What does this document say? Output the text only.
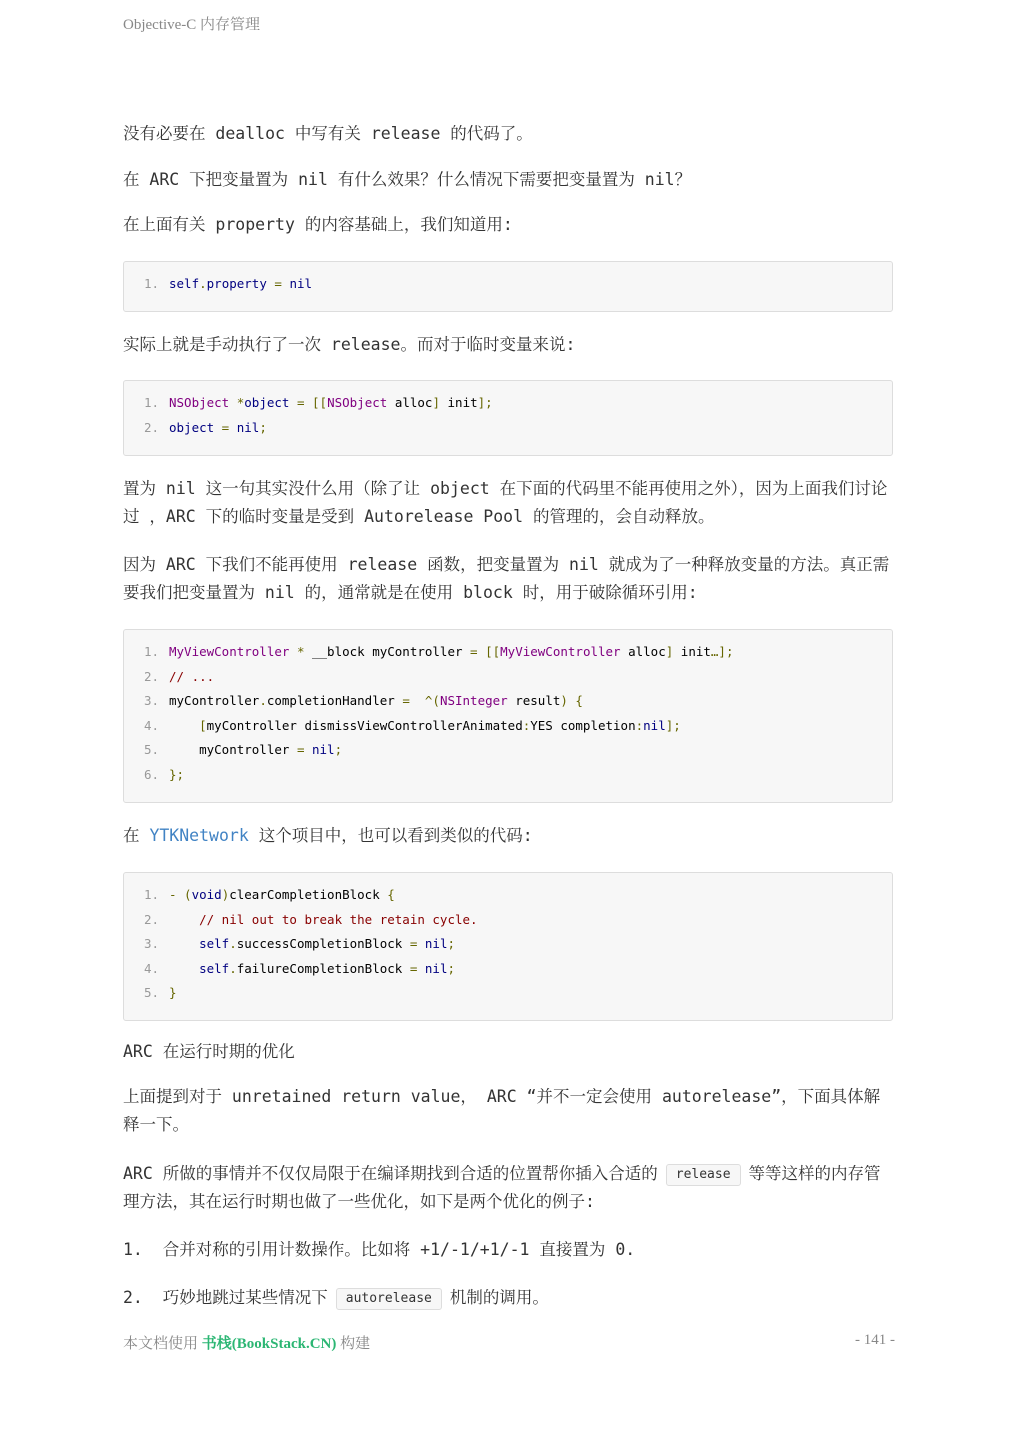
Objective-C 内存管理
没有必要在 dealloc 中写有关 release 的代码了。
在 ARC 下把变量置为 nil 有什么效果？什么情况下需要把变量置为 nil？
在上面有关 property 的内容基础上，我们知道用:
1. self.property = nil
实际上就是手动执行了一次 release。而对于临时变量来说:
1. NSObject *object = [[NSObject alloc] init];
2. object = nil;
置为 nil 这一句其实没什么用（除了让 object 在下面的代码里不能再使用之外），因为上面我们讨论过 ，ARC 下的临时变量是受到 Autorelease Pool 的管理的，会自动释放。
因为 ARC 下我们不能再使用 release 函数，把变量置为 nil 就成为了一种释放变量的方法。真正需要我们把变量置为 nil 的，通常就是在使用 block 时，用于破除循环引用:
1. MyViewController * __block myController = [[MyViewController alloc] init…];
2. // ...
3. myController.completionHandler =  ^(NSInteger result) {
4.	[myController dismissViewControllerAnimated:YES completion:nil];
5.    myController = nil;
6. };
在 YTKNetwork 这个项目中，也可以看到类似的代码:
1. - (void)clearCompletionBlock {
2.	// nil out to break the retain cycle.
3.	self.successCompletionBlock = nil;
4.	self.failureCompletionBlock = nil;
5. }
ARC 在运行时期的优化
上面提到对于 unretained return value， ARC “并不一定会使用 autorelease”，下面具体解释一下。
ARC 所做的事情并不仅仅局限于在编译期找到合适的位置帮你插入合适的 release 等等这样的内存管理方法，其在运行时期也做了一些优化，如下是两个优化的例子:
1. 合并对称的引用计数操作。比如将 +1/-1/+1/-1 直接置为 0.
2. 巧妙地跳过某些情况下 autorelease 机制的调用。
本文档使用 书栈(BookStack.CN) 构建	- 141 -
